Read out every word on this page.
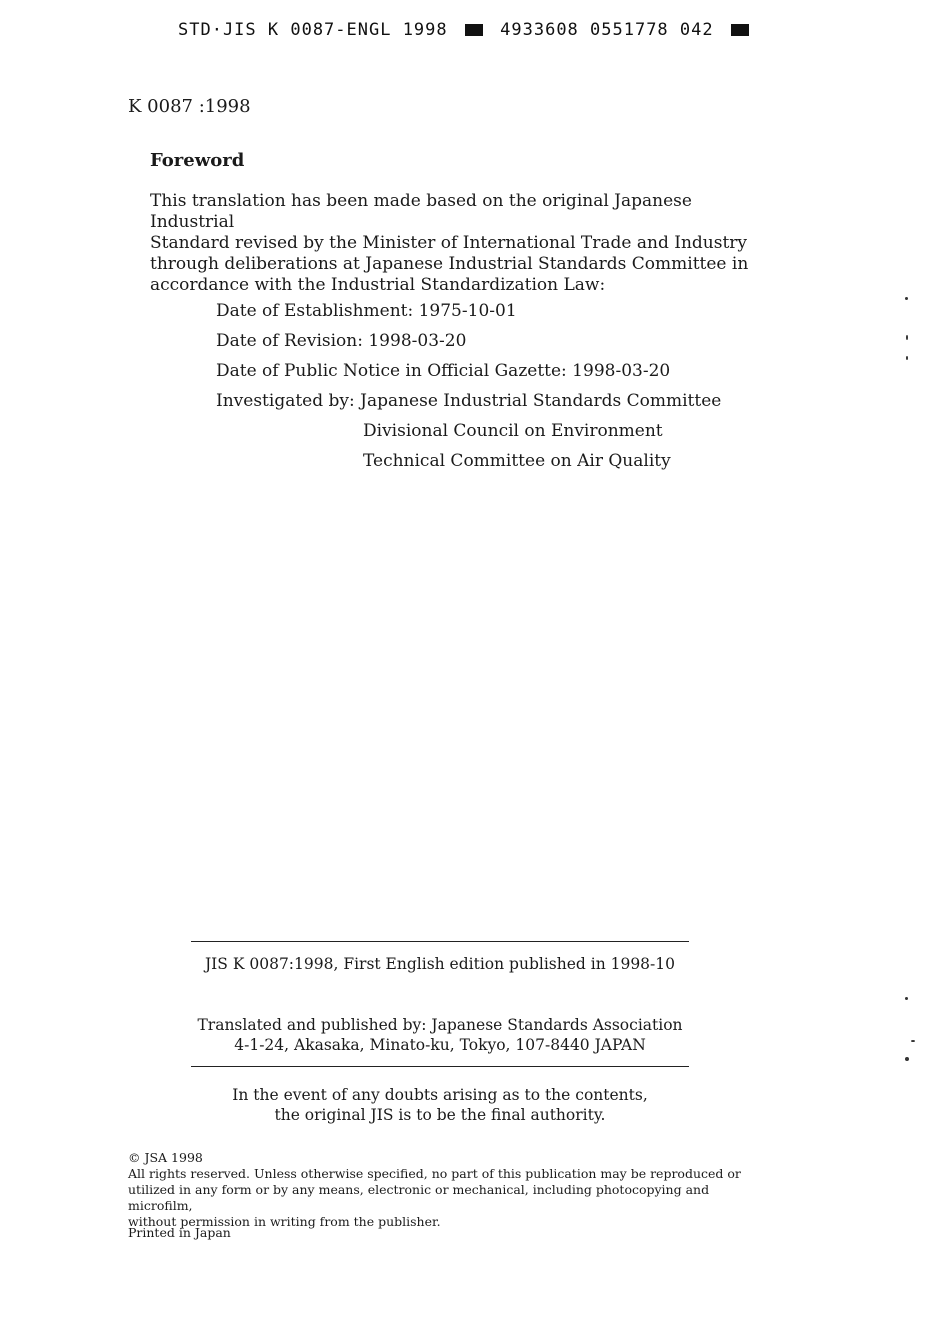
STD·JIS K 0087-ENGL 1998	4933608 0551778 042
K 0087 :1998
Foreword
This translation has been made based on the original Japanese Industrial
Standard revised by the Minister of International Trade and Industry
through deliberations at Japanese Industrial Standards Committee in
accordance with the Industrial Standardization Law:
Date of Establishment: 1975-10-01
Date of Revision: 1998-03-20
Date of Public Notice in Official Gazette: 1998-03-20
Investigated by: Japanese Industrial Standards Committee
Divisional Council on Environment
Technical Committee on Air Quality
JIS K 0087:1998, First English edition published in 1998-10
Translated and published by: Japanese Standards Association
4-1-24, Akasaka, Minato-ku, Tokyo, 107-8440 JAPAN
In the event of any doubts arising as to the contents,
the original JIS is to be the final authority.
© JSA 1998
All rights reserved. Unless otherwise specified, no part of this publication may be reproduced or
utilized in any form or by any means, electronic or mechanical, including photocopying and microfilm,
without permission in writing from the publisher.
Printed in Japan
